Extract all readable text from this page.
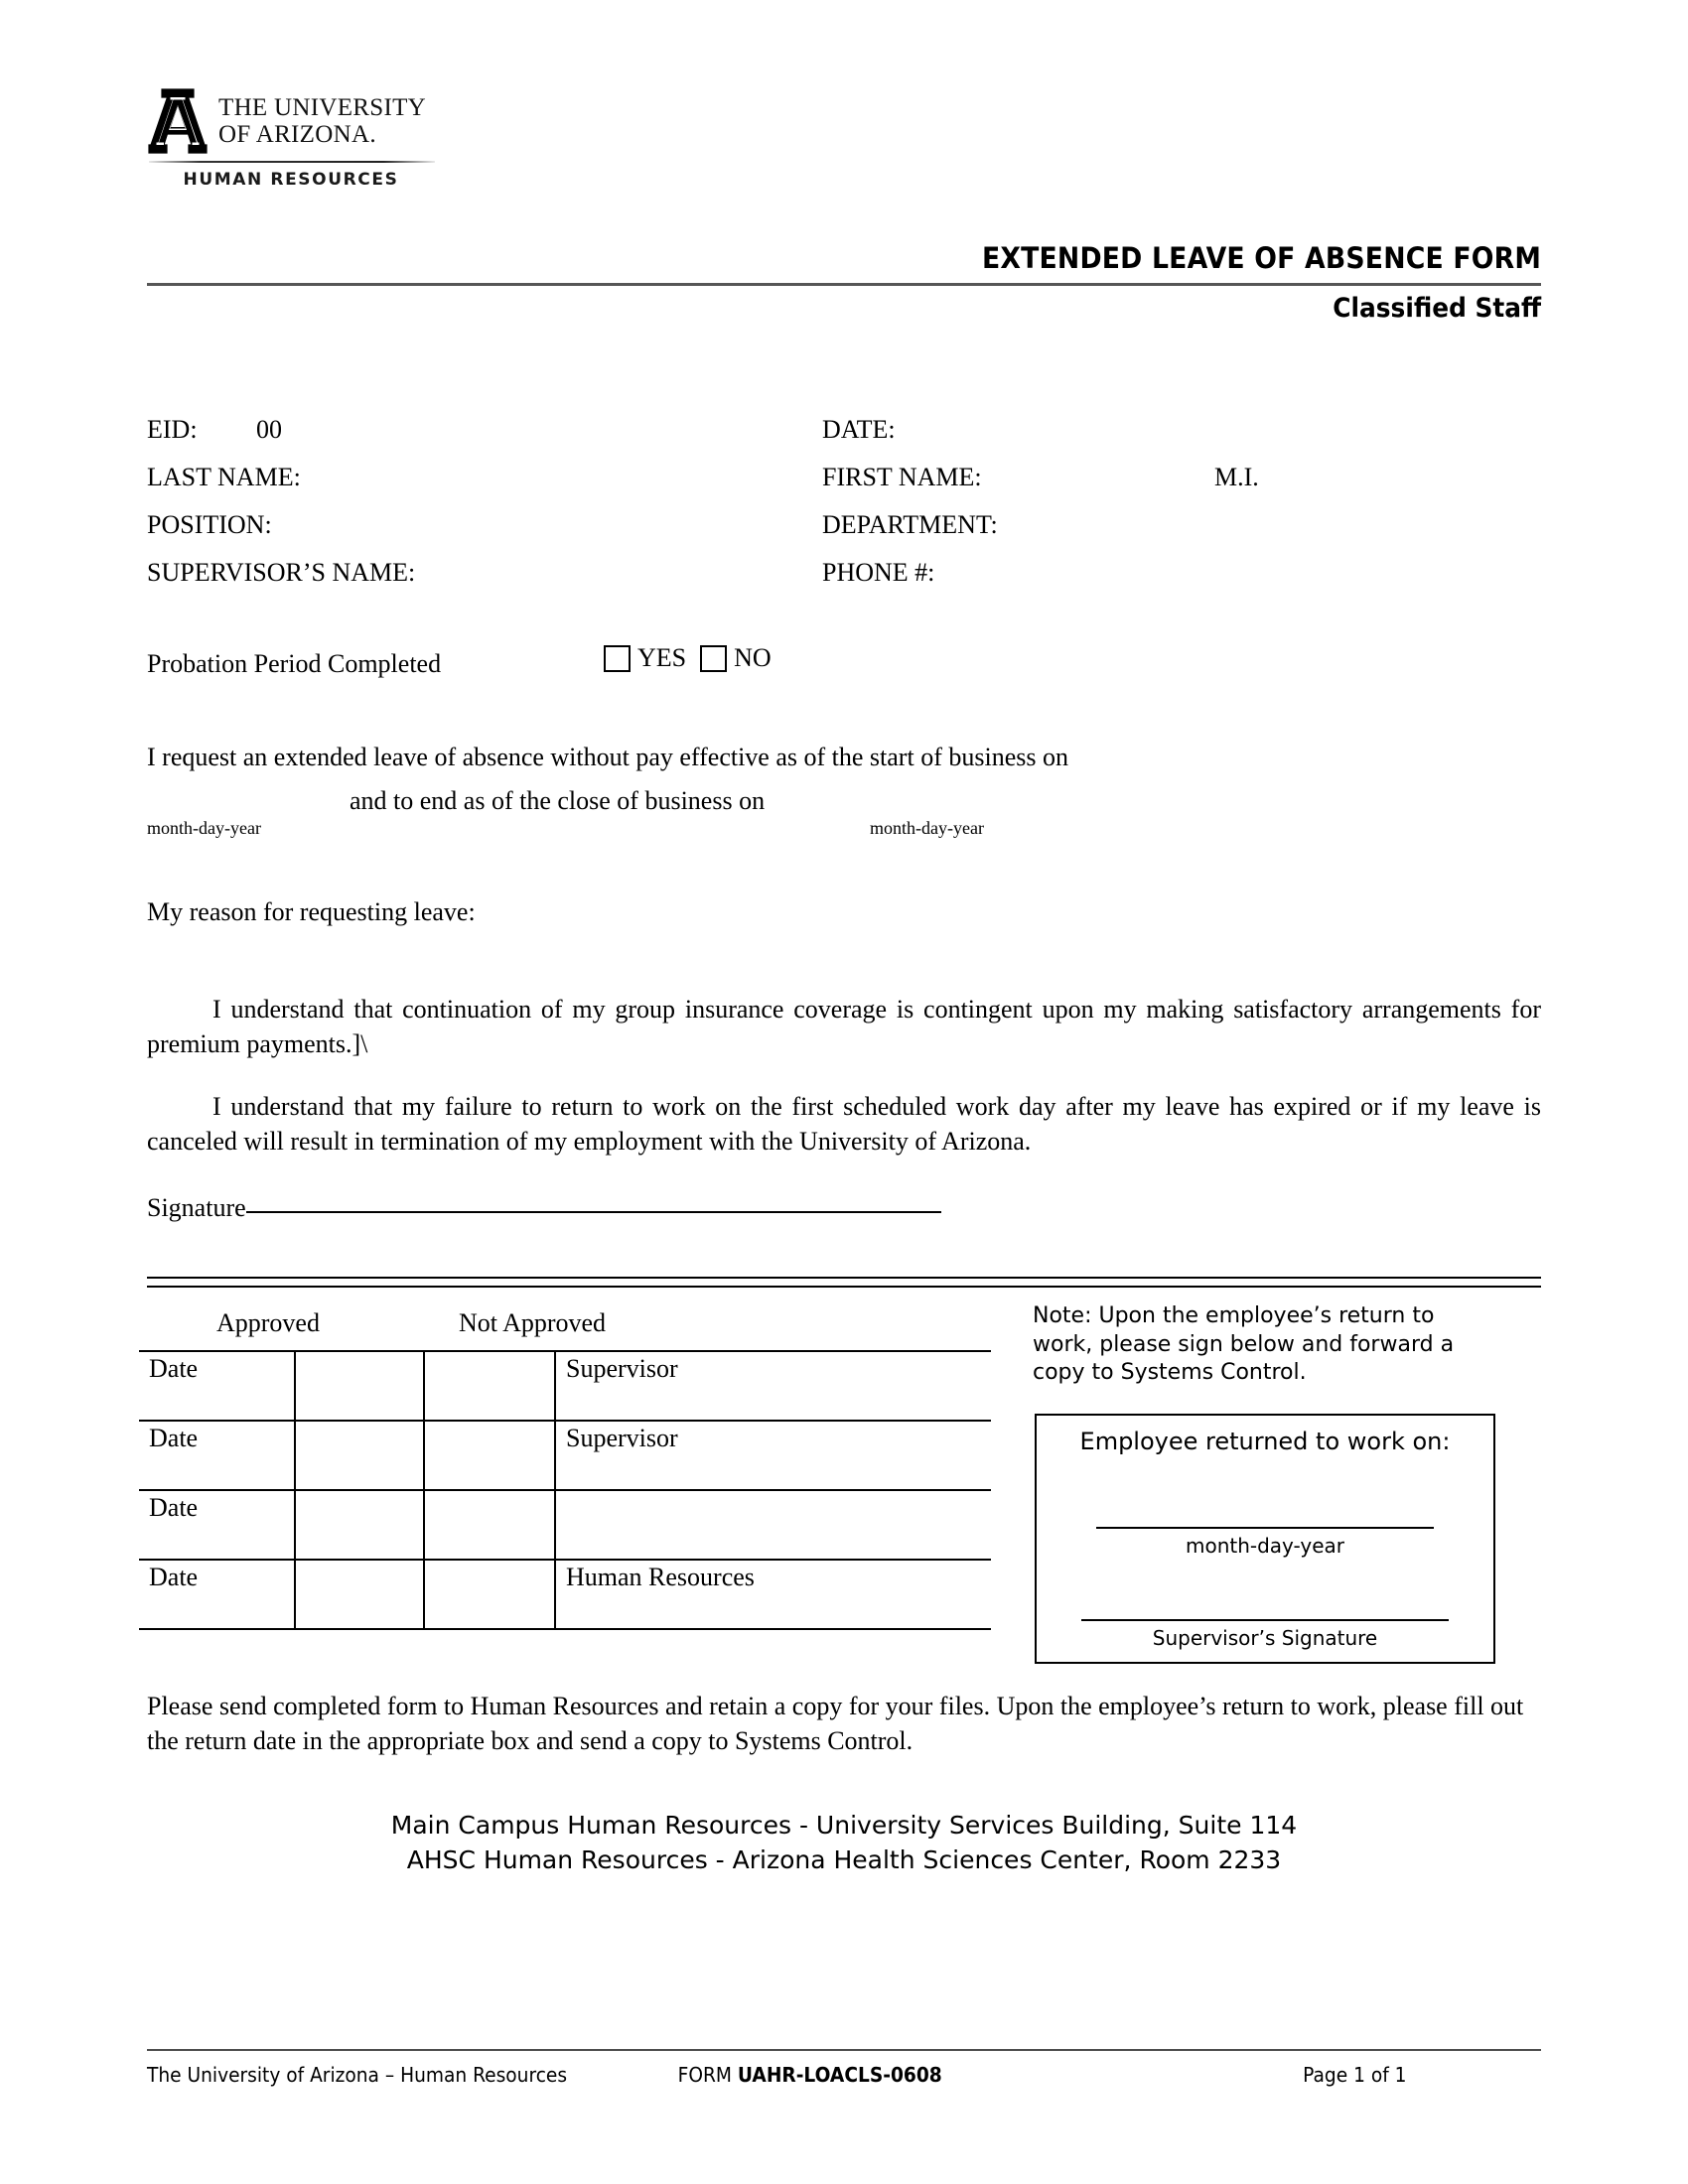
THE UNIVERSITY
OF ARIZONA.
HUMAN RESOURCES
EXTENDED LEAVE OF ABSENCE FORM
Classified Staff
EID: 00	DATE:
LAST NAME:	FIRST NAME:	M.I.
POSITION:	DEPARTMENT:
SUPERVISOR’S NAME:	PHONE #:
Probation Period Completed	YES NO
I request an extended leave of absence without pay effective as of the start of business on
and to end as of the close of business on
month-day-year	month-day-year
My reason for requesting leave:
I understand that continuation of my group insurance coverage is contingent upon my making satisfactory arrangements for premium payments.]\
I understand that my failure to return to work on the first scheduled work day after my leave has expired or if my leave is canceled will result in termination of my employment with the University of Arizona.
Signature
Approved	Not Approved
Date			Supervisor
Date			Supervisor
Date			
Date			Human Resources
Note: Upon the employee’s return to work, please sign below and forward a copy to Systems Control.
Employee returned to work on:
month-day-year
Supervisor’s Signature
Please send completed form to Human Resources and retain a copy for your files. Upon the employee’s return to work, please fill out the return date in the appropriate box and send a copy to Systems Control.
Main Campus Human Resources - University Services Building, Suite 114
AHSC Human Resources - Arizona Health Sciences Center, Room 2233
The University of Arizona – Human Resources	FORM UAHR-LOACLS-0608	Page 1 of 1
